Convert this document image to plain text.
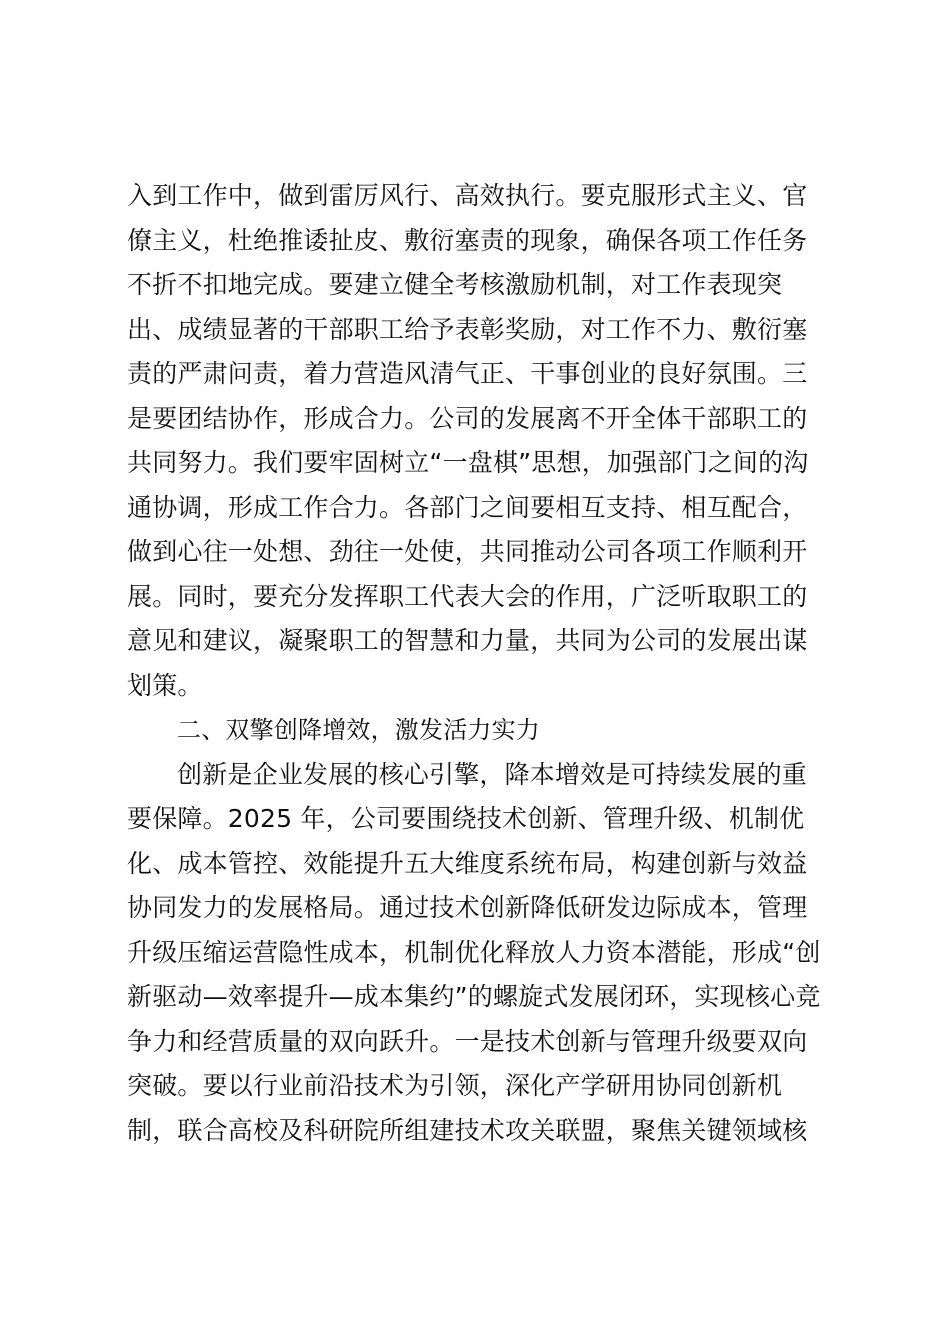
入到工作中，做到雷厉风行、高效执行。要克服形式主义、官
僚主义，杜绝推诿扯皮、敷衍塞责的现象，确保各项工作任务
不折不扣地完成。要建立健全考核激励机制，对工作表现突
出、成绩显著的干部职工给予表彰奖励，对工作不力、敷衍塞
责的严肃问责，着力营造风清气正、干事创业的良好氛围。三
是要团结协作，形成合力。公司的发展离不开全体干部职工的
共同努力。我们要牢固树立“一盘棋”思想，加强部门之间的沟
通协调，形成工作合力。各部门之间要相互支持、相互配合，
做到心往一处想、劲往一处使，共同推动公司各项工作顺利开
展。同时，要充分发挥职工代表大会的作用，广泛听取职工的
意见和建议，凝聚职工的智慧和力量，共同为公司的发展出谋
划策。
二、双擎创降增效，激发活力实力
创新是企业发展的核心引擎，降本增效是可持续发展的重
要保障。2025 年，公司要围绕技术创新、管理升级、机制优
化、成本管控、效能提升五大维度系统布局，构建创新与效益
协同发力的发展格局。通过技术创新降低研发边际成本，管理
升级压缩运营隐性成本，机制优化释放人力资本潜能，形成“创
新驱动—效率提升—成本集约”的螺旋式发展闭环，实现核心竞
争力和经营质量的双向跃升。一是技术创新与管理升级要双向
突破。要以行业前沿技术为引领，深化产学研用协同创新机
制，联合高校及科研院所组建技术攻关联盟，聚焦关键领域核
